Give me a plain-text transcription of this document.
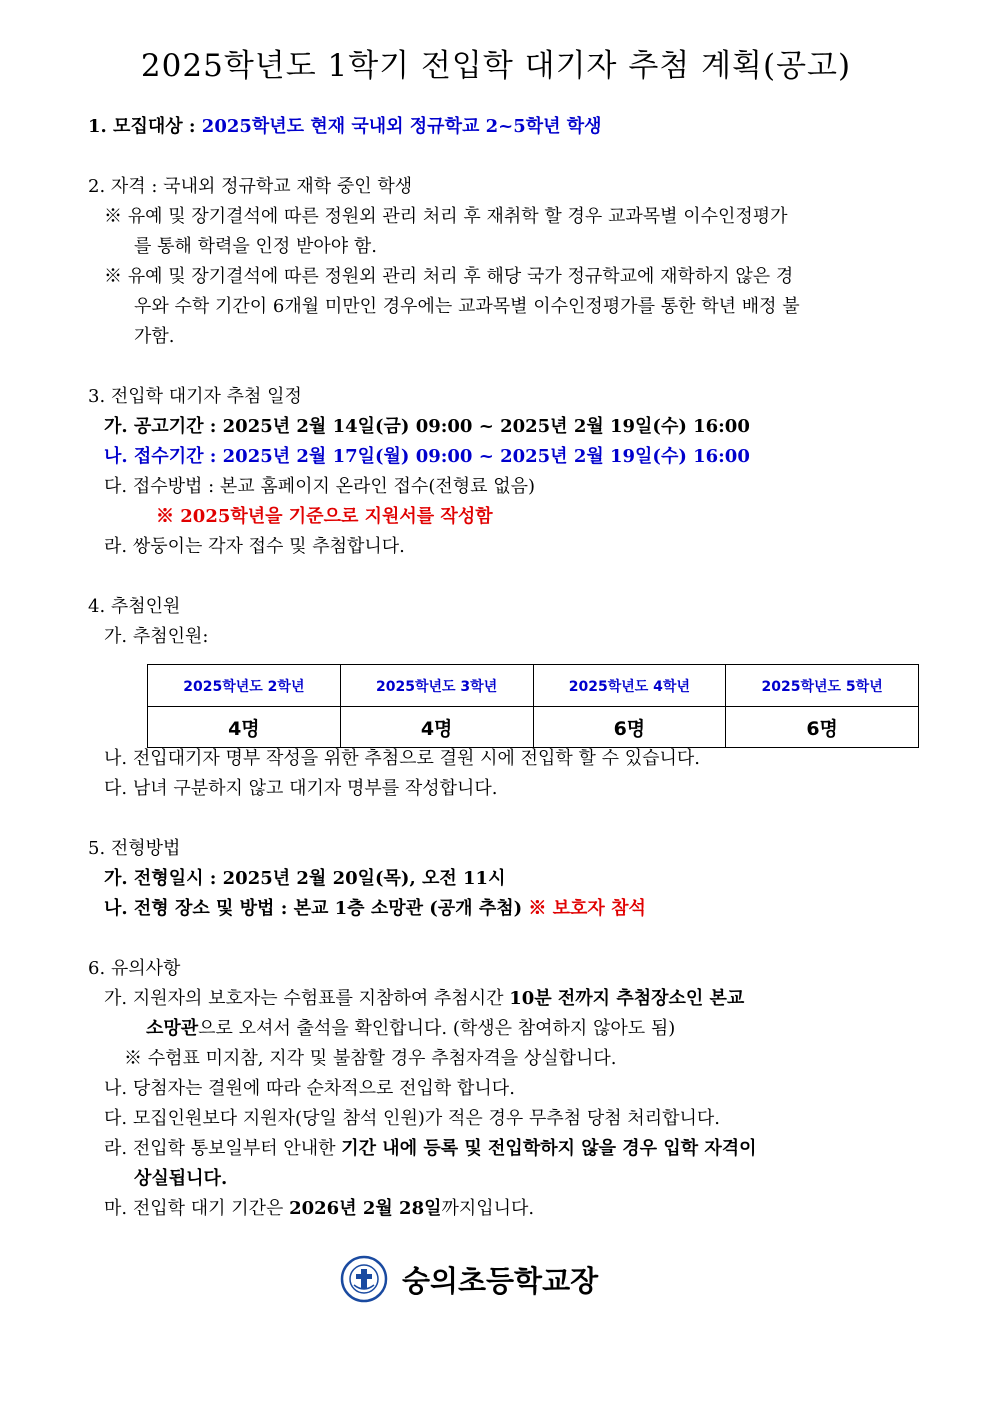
2025학년도 1학기 전입학 대기자 추첨 계획(공고)
1. 모집대상 : 2025학년도 현재 국내외 정규학교 2~5학년 학생
2. 자격 : 국내외 정규학교 재학 중인 학생
※ 유예 및 장기결석에 따른 정원외 관리 처리 후 재취학 할 경우 교과목별 이수인정평가
를 통해 학력을 인정 받아야 함.
※ 유예 및 장기결석에 따른 정원외 관리 처리 후 해당 국가 정규학교에 재학하지 않은 경
우와 수학 기간이 6개월 미만인 경우에는 교과목별 이수인정평가를 통한 학년 배정 불
가함.
3. 전입학 대기자 추첨 일정
가. 공고기간 : 2025년 2월 14일(금) 09:00 ~ 2025년 2월 19일(수) 16:00
나. 접수기간 : 2025년 2월 17일(월) 09:00 ~ 2025년 2월 19일(수) 16:00
다. 접수방법 : 본교 홈페이지 온라인 접수(전형료 없음)
※ 2025학년을 기준으로 지원서를 작성함
라. 쌍둥이는 각자 접수 및 추첨합니다.
4. 추첨인원
가. 추첨인원:
2025학년도 2학년	2025학년도 3학년	2025학년도 4학년	2025학년도 5학년
4명	4명	6명	6명
나. 전입대기자 명부 작성을 위한 추첨으로 결원 시에 전입학 할 수 있습니다.
다. 남녀 구분하지 않고 대기자 명부를 작성합니다.
5. 전형방법
가. 전형일시 : 2025년 2월 20일(목), 오전 11시
나. 전형 장소 및 방법 : 본교 1층 소망관 (공개 추첨) ※ 보호자 참석
6. 유의사항
가. 지원자의 보호자는 수험표를 지참하여 추첨시간 10분 전까지 추첨장소인 본교
소망관으로 오셔서 출석을 확인합니다. (학생은 참여하지 않아도 됨)
※ 수험표 미지참, 지각 및 불참할 경우 추첨자격을 상실합니다.
나. 당첨자는 결원에 따라 순차적으로 전입학 합니다.
다. 모집인원보다 지원자(당일 참석 인원)가 적은 경우 무추첨 당첨 처리합니다.
라. 전입학 통보일부터 안내한 기간 내에 등록 및 전입학하지 않을 경우 입학 자격이
상실됩니다.
마. 전입학 대기 기간은 2026년 2월 28일까지입니다.
숭의초등학교장
